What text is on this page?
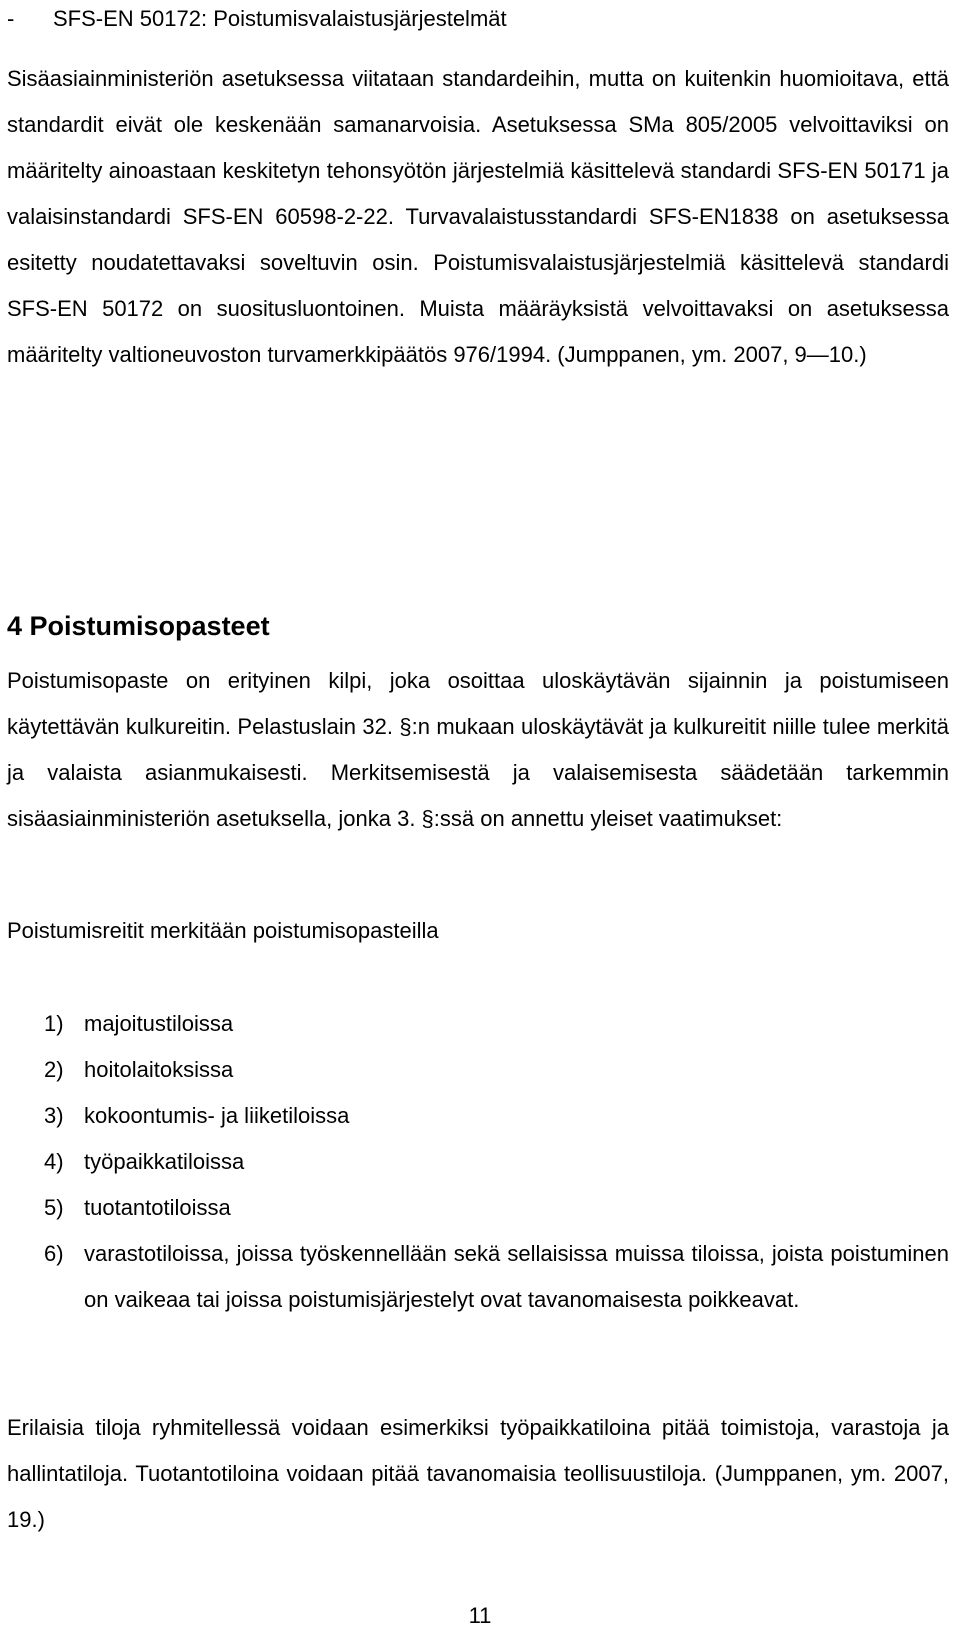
- SFS-EN 50172: Poistumisvalaistusjärjestelmät

Sisäasiainministeriön asetuksessa viitataan standardeihin, mutta on kuitenkin huomioitava, että standardit eivät ole keskenään samanarvoisia. Asetuksessa SMa 805/2005 velvoittaviksi on määritelty ainoastaan keskitetyn tehonsyötön järjestelmiä käsittelevä standardi SFS-EN 50171 ja valaisinstandardi SFS-EN 60598-2-22. Turvavalaistusstandardi SFS-EN1838 on asetuksessa esitetty noudatettavaksi soveltuvin osin. Poistumisvalaistusjärjestelmiä käsittelevä standardi SFS-EN 50172 on suositusluontoinen. Muista määräyksistä velvoittavaksi on asetuksessa määritelty valtioneuvoston turvamerkkipäätös 976/1994. (Jumppanen, ym. 2007, 9—10.)

4 Poistumisopasteet

Poistumisopaste on erityinen kilpi, joka osoittaa uloskäytävän sijainnin ja poistumiseen käytettävän kulkureitin. Pelastuslain 32. §:n mukaan uloskäytävät ja kulkureitit niille tulee merkitä ja valaista asianmukaisesti. Merkitsemisestä ja valaisemisesta säädetään tarkemmin sisäasiainministeriön asetuksella, jonka 3. §:ssä on annettu yleiset vaatimukset:

Poistumisreitit merkitään poistumisopasteilla

1) majoitustiloissa
2) hoitolaitoksissa
3) kokoontumis- ja liiketiloissa
4) työpaikkatiloissa
5) tuotantotiloissa
6) varastotiloissa, joissa työskennellään sekä sellaisissa muissa tiloissa, joista poistuminen on vaikeaa tai joissa poistumisjärjestelyt ovat tavanomaisesta poikkeavat.

Erilaisia tiloja ryhmitellessä voidaan esimerkiksi työpaikkatiloina pitää toimistoja, varastoja ja hallintatiloja. Tuotantotiloina voidaan pitää tavanomaisia teollisuustiloja. (Jumppanen, ym. 2007, 19.)

11
